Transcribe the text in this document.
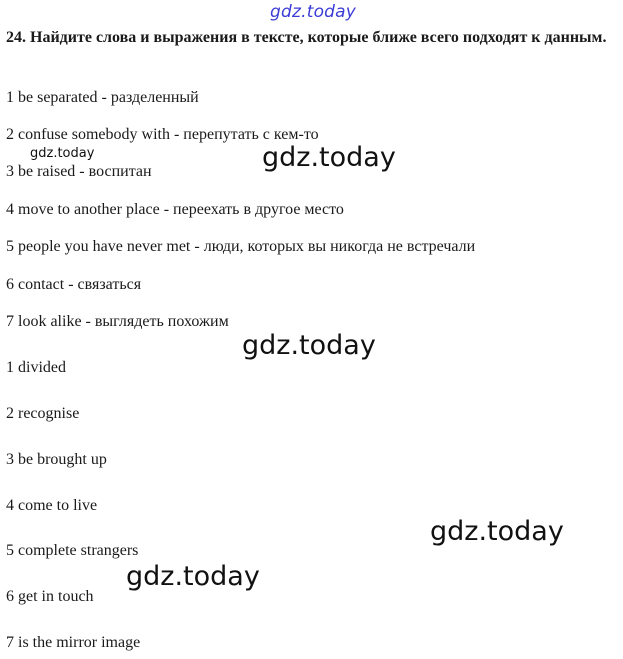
gdz.today
24. Найдите слова и выражения в тексте, которые ближе всего подходят к данным.
1 be separated - разделенный
2 confuse somebody with - перепутать с кем-то
3 be raised - воспитан
4 move to another place - переехать в другое место
5 people you have never met - люди, которых вы никогда не встречали
6 contact - связаться
7 look alike - выглядеть похожим
1 divided
2 recognise
3 be brought up
4 come to live
5 complete strangers
6 get in touch
7 is the mirror image
gdz.today	gdz.today
gdz.today
gdz.today
gdz.today
